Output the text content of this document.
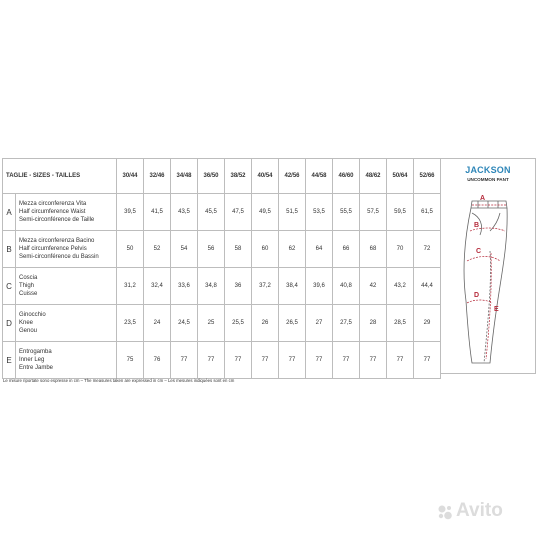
TAGLIE - SIZES - TAILLES		30/44	32/46	34/48	36/50	38/52	40/54	42/56	44/58	46/60	48/62	50/64	52/66
A	Mezza circonferenza Vita
Half circumference Waist
Semi-circonférence de Taille	39,5	41,5	43,5	45,5	47,5	49,5	51,5	53,5	55,5	57,5	59,5	61,5
B	Mezza circonferenza Bacino
Half circumference Pelvis
Semi-circonférence du Bassin	50	52	54	56	58	60	62	64	66	68	70	72
C	Coscia
Thigh
Cuisse	31,2	32,4	33,6	34,8	36	37,2	38,4	39,6	40,8	42	43,2	44,4
D	Ginocchio
Knee
Genou	23,5	24	24,5	25	25,5	26	26,5	27	27,5	28	28,5	29
E	Entrogamba
Inner Leg
Entre Jambe	75	76	77	77	77	77	77	77	77	77	77	77
Le misure riportate sono espresse in cm – The measures taken are expressed in cm – Les mesures indiquées sont en cm
JACKSON
UNCOMMON PANT
A
B
C
D
E
Avito
